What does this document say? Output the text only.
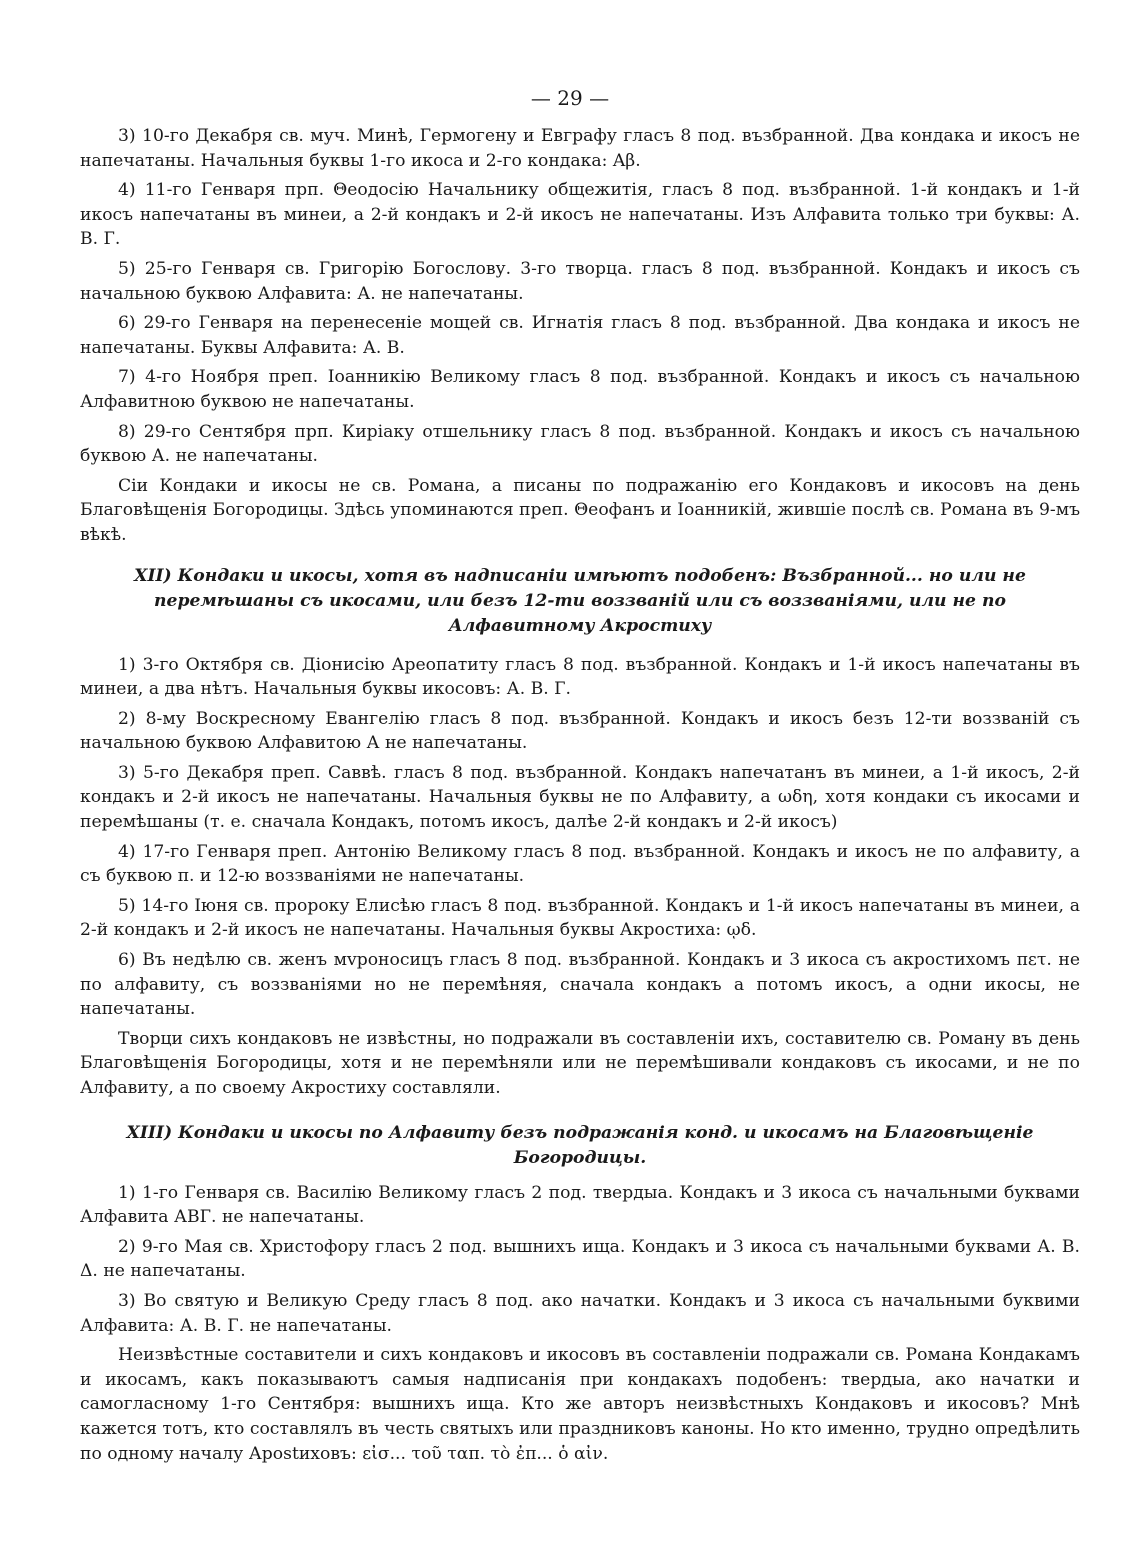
— 29 —

3) 10-го Декабря св. муч. Минѣ, Гермогену и Евграфу гласъ 8 под. възбранной. Два кондака и икосъ не напечатаны. Начальныя буквы 1-го икоса и 2-го кондака: Αβ.

4) 11-го Генваря прп. Θеодосію Начальнику общежитія, гласъ 8 под. възбранной. 1-й кондакъ и 1-й икосъ напечатаны въ минеи, а 2-й кондакъ и 2-й икосъ не напечатаны. Изъ Алфавита только три буквы: А. В. Г.

5) 25-го Генваря св. Григорію Богослову. 3-го творца. гласъ 8 под. възбранной. Кондакъ и икосъ съ начальною буквою Алфавита: А. не напечатаны.

6) 29-го Генваря на перенесеніе мощей св. Игнатія гласъ 8 под. възбранной. Два кондака и икосъ не напечатаны. Буквы Алфавита: А. В.

7) 4-го Ноября преп. Іоанникію Великому гласъ 8 под. възбранной. Кондакъ и икосъ съ начальною Алфавитною буквою не напечатаны.

8) 29-го Сентября прп. Киріаку отшельнику гласъ 8 под. възбранной. Кондакъ и икосъ съ начальною буквою А. не напечатаны.

Сіи Кондаки и икосы не св. Романа, а писаны по подражанію его Кондаковъ и икосовъ на день Благовѣщенія Богородицы. Здѣсь упоминаются преп. Θеофанъ и Іоанникій, жившіе послѣ св. Романа въ 9-мъ вѣкѣ.

XII) Кондаки и икосы, хотя въ надписаніи имѣютъ подобенъ: Възбранной... но или не перемѣшаны съ икосами, или безъ 12-ти воззваній или съ воззваніями, или не по Алфавитному Акростиху

1) 3-го Октября св. Діонисію Ареопатиту гласъ 8 под. възбранной. Кондакъ и 1-й икосъ напечатаны въ минеи, а два нѣтъ. Начальныя буквы икосовъ: А. В. Г.

2) 8-му Воскресному Евангелію гласъ 8 под. възбранной. Кондакъ и икосъ безъ 12-ти воззваній съ начальною буквою Алфавитою А не напечатаны.

3) 5-го Декабря преп. Саввѣ. гласъ 8 под. възбранной. Кондакъ напечатанъ въ минеи, а 1-й икосъ, 2-й кондакъ и 2-й икосъ не напечатаны. Начальныя буквы не по Алфавиту, а ωδη, хотя кондаки съ икосами и перемѣшаны (т. е. сначала Кондакъ, потомъ икосъ, далѣе 2-й кондакъ и 2-й икосъ)

4) 17-го Генваря преп. Антонію Великому гласъ 8 под. възбранной. Кондакъ и икосъ не по алфавиту, а съ буквою π. и 12-ю воззваніями не напечатаны.

5) 14-го Іюня св. пророку Елисѣю гласъ 8 под. възбранной. Кондакъ и 1-й икосъ напечатаны въ минеи, а 2-й кондакъ и 2-й икосъ не напечатаны. Начальныя буквы Акростиха: ῳδ.

6) Въ недѣлю св. женъ мvроносицъ гласъ 8 под. възбранной. Кондакъ и 3 икоса съ акростихомъ πετ. не по алфавиту, съ воззваніями но не перемѣняя, сначала кондакъ а потомъ икосъ, а одни икосы, не напечатаны.

Творци сихъ кондаковъ не извѣстны, но подражали въ составленіи ихъ, составителю св. Роману въ день Благовѣщенія Богородицы, хотя и не перемѣняли или не перемѣшивали кондаковъ съ икосами, и не по Алфавиту, а по своему Акростиху составляли.

XIII) Кондаки и икосы по Алфавиту безъ подражанія конд. и икосамъ на Благовѣщеніе Богородицы.

1) 1-го Генваря св. Василію Великому гласъ 2 под. твердыа. Кондакъ и 3 икоса съ начальными буквами Алфавита АВГ. не напечатаны.

2) 9-го Мая св. Христофору гласъ 2 под. вышнихъ ища. Кондакъ и 3 икоса съ начальными буквами А. В. Δ. не напечатаны.

3) Во святую и Великую Среду гласъ 8 под. ако начатки. Кондакъ и 3 икоса съ начальными буквими Алфавита: А. В. Г. не напечатаны.

Неизвѣстные составители и сихъ кондаковъ и икосовъ въ составленіи подражали св. Романа Кондакамъ и икосамъ, какъ показываютъ самыя надписанія при кондакахъ подобенъ: твердыа, ако начатки и самогласному 1-го Сентября: вышнихъ ища. Кто же авторъ неизвѣстныхъ Кондаковъ и икосовъ? Мнѣ кажется тотъ, кто составлялъ въ честь святыхъ или праздниковъ каноны. Но кто именно, трудно опредѣлить по одному началу Арostиховъ: εἰσ... τοῦ ταπ. τὸ ἐπ... ὁ αἰν.
